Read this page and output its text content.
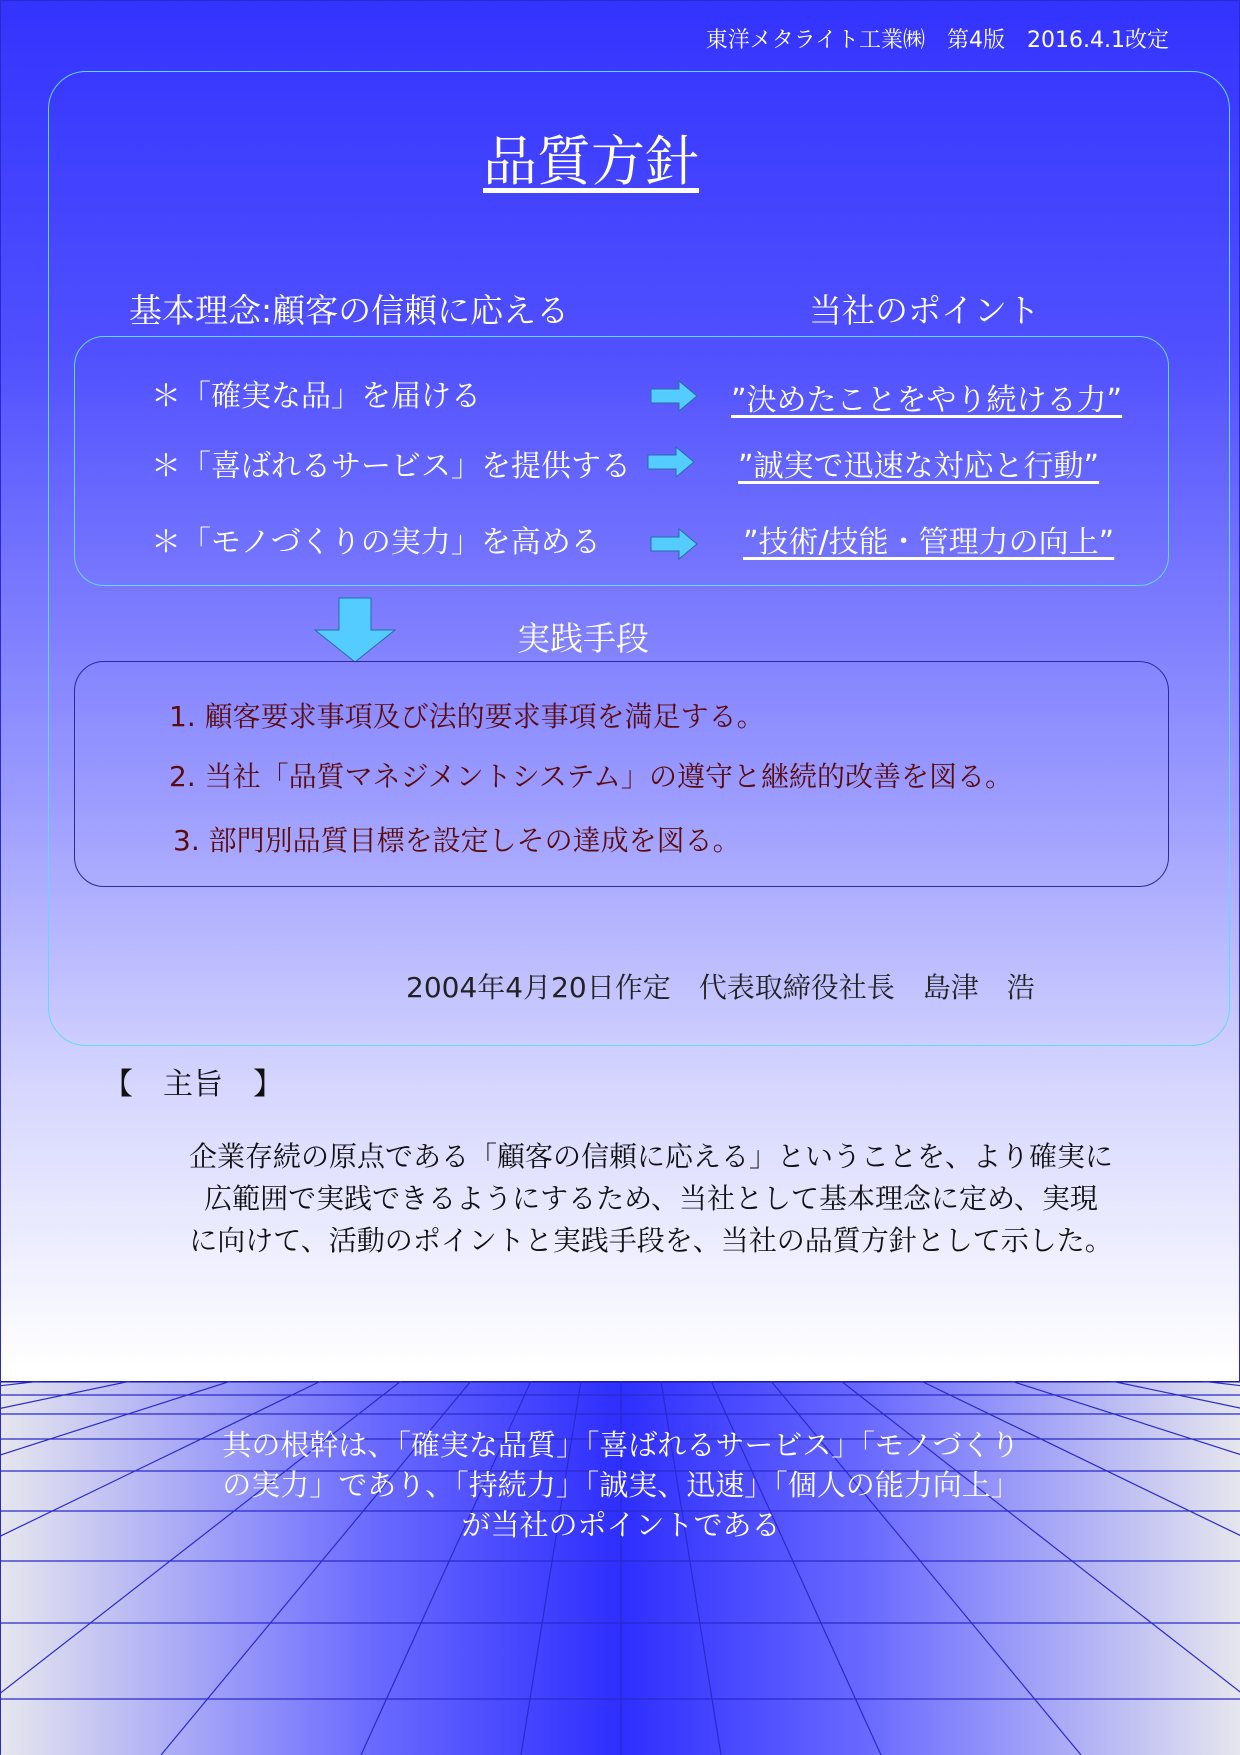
東洋メタライト工業㈱　第4版　2016.4.1改定
品質方針
基本理念:顧客の信頼に応える	当社のポイント
＊「確実な品」を届ける	”決めたことをやり続ける力”
＊「喜ばれるサービス」を提供する	”誠実で迅速な対応と行動”
＊「モノづくりの実力」を高める	”技術/技能・管理力の向上”
実践手段
1. 顧客要求事項及び法的要求事項を満足する。
2. 当社「品質マネジメントシステム」の遵守と継続的改善を図る。
3. 部門別品質目標を設定しその達成を図る。
2004年4月20日作定　代表取締役社長　島津　浩
【　主旨　】
企業存続の原点である「顧客の信頼に応える」ということを、より確実に
広範囲で実践できるようにするため、当社として基本理念に定め、実現
に向けて、活動のポイントと実践手段を、当社の品質方針として示した。
其の根幹は、「確実な品質」「喜ばれるサービス」「モノづくり
の実力」であり、「持続力」「誠実、迅速」「個人の能力向上」
が当社のポイントである
